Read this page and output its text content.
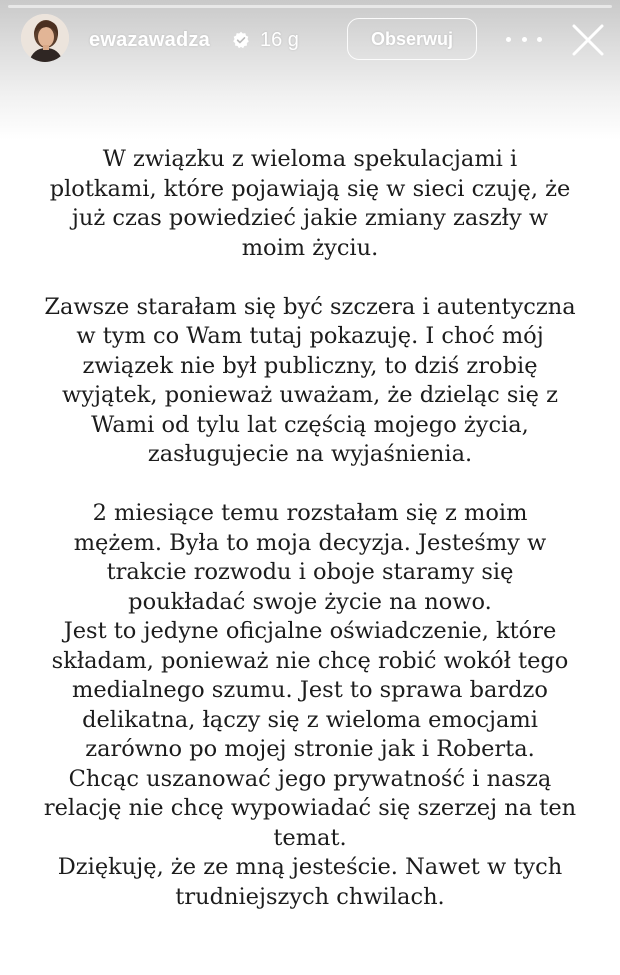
ewazawadza	16 g	Obserwuj
W związku z wieloma spekulacjami i
plotkami, które pojawiają się w sieci czuję, że
już czas powiedzieć jakie zmiany zaszły w
moim życiu.
Zawsze starałam się być szczera i autentyczna
w tym co Wam tutaj pokazuję. I choć mój
związek nie był publiczny, to dziś zrobię
wyjątek, ponieważ uważam, że dzieląc się z
Wami od tylu lat częścią mojego życia,
zasługujecie na wyjaśnienia.
2 miesiące temu rozstałam się z moim
mężem. Była to moja decyzja. Jesteśmy w
trakcie rozwodu i oboje staramy się
poukładać swoje życie na nowo.
Jest to jedyne oficjalne oświadczenie, które
składam, ponieważ nie chcę robić wokół tego
medialnego szumu. Jest to sprawa bardzo
delikatna, łączy się z wieloma emocjami
zarówno po mojej stronie jak i Roberta.
Chcąc uszanować jego prywatność i naszą
relację nie chcę wypowiadać się szerzej na ten
temat.
Dziękuję, że ze mną jesteście. Nawet w tych
trudniejszych chwilach.
